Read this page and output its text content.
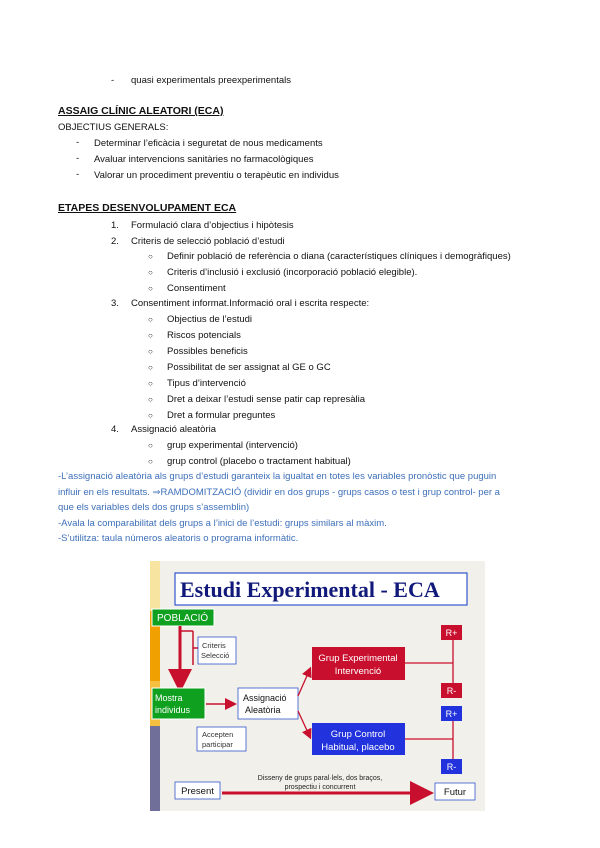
- quasi experimentals preexperimentals
ASSAIG CLÍNIC ALEATORI (ECA)
OBJECTIUS GENERALS:
- Determinar l’eficàcia i seguretat de nous medicaments
- Avaluar intervencions sanitàries no farmacològiques
- Valorar un procediment preventiu o terapèutic en individus
ETAPES DESENVOLUPAMENT ECA
1. Formulació clara d’objectius i hipòtesis
2. Criteris de selecció població d’estudi
○ Definir població de referència o diana (característiques clíniques i demogràfiques)
○ Criteris d’inclusió i exclusió (incorporació població elegible).
○ Consentiment
3. Consentiment informat.Informació oral i escrita respecte:
○ Objectius de l’estudi
○ Riscos potencials
○ Possibles beneficis
○ Possibilitat de ser assignat al GE o GC
○ Tipus d’intervenció
○ Dret a deixar l’estudi sense patir cap represàlia
○ Dret a formular preguntes
4. Assignació aleatòria
○ grup experimental (intervenció)
○ grup control (placebo o tractament habitual)
-L’assignació aleatòria als grups d’estudi garanteix la igualtat en totes les variables pronòstic que puguin
influir en els resultats. ⇒RAMDOMITZACIÓ (dividir en dos grups - grups casos o test i grup control- per a
que els variables dels dos grups s’assemblin)
-Avala la comparabilitat dels grups a l’inici de l’estudi: grups similars al màxim.
-S’utilitza: taula números aleatoris o programa informàtic.
Estudi Experimental - ECA
POBLACIÓ
Criteris
Selecció
Mostra
individus
Assignació
Aleatòria
Accepten
participar
Grup Experimental
Intervenció
Grup Control
Habitual, placebo
R+
R-
R+
R-
Disseny de grups paral·lels, dos braços,
prospectiu i concurrent
Present	Futur
